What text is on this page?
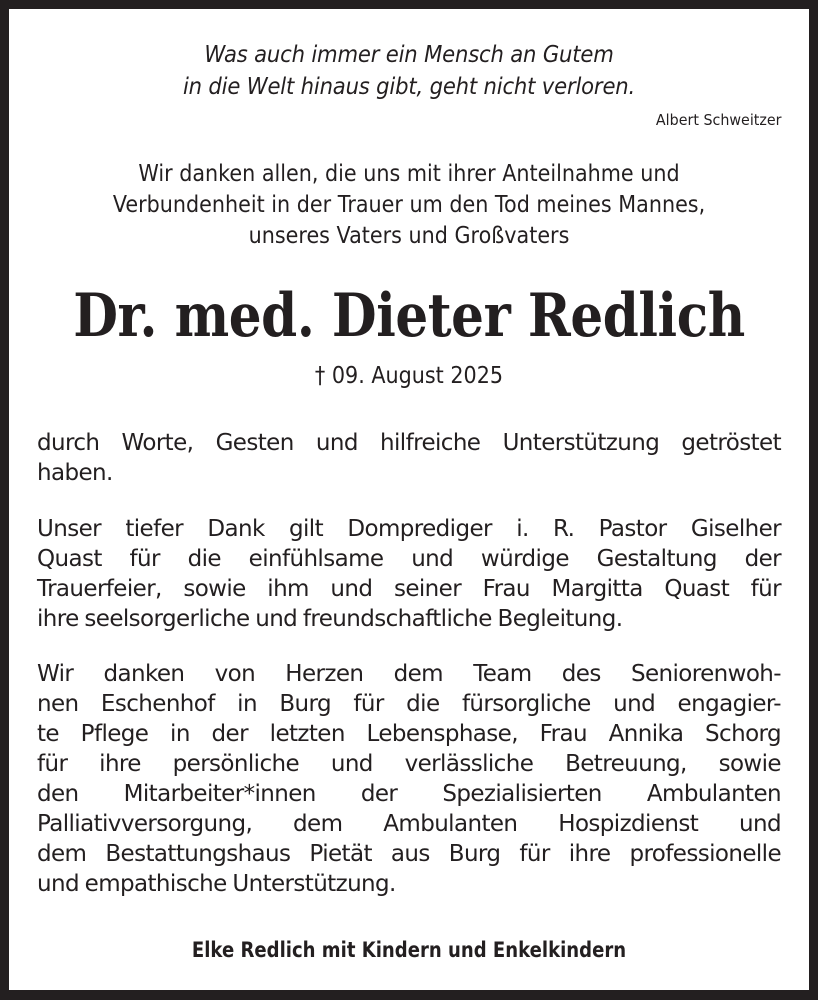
Was auch immer ein Mensch an Gutem
in die Welt hinaus gibt, geht nicht verloren.
Albert Schweitzer
Wir danken allen, die uns mit ihrer Anteilnahme und
Verbundenheit in der Trauer um den Tod meines Mannes,
unseres Vaters und Großvaters
Dr. med. Dieter Redlich
† 09. August 2025
durch Worte, Gesten und hilfreiche Unterstützung getröstet
haben.
Unser tiefer Dank gilt Domprediger i. R. Pastor Giselher
Quast für die einfühlsame und würdige Gestaltung der
Trauerfeier, sowie ihm und seiner Frau Margitta Quast für
ihre seelsorgerliche und freundschaftliche Begleitung.
Wir danken von Herzen dem Team des Seniorenwoh-
nen Eschenhof in Burg für die fürsorgliche und engagier-
te Pflege in der letzten Lebensphase, Frau Annika Schorg
für ihre persönliche und verlässliche Betreuung, sowie
den Mitarbeiter*innen der Spezialisierten Ambulanten
Palliativversorgung, dem Ambulanten Hospizdienst und
dem Bestattungshaus Pietät aus Burg für ihre professionelle
und empathische Unterstützung.
Elke Redlich mit Kindern und Enkelkindern
